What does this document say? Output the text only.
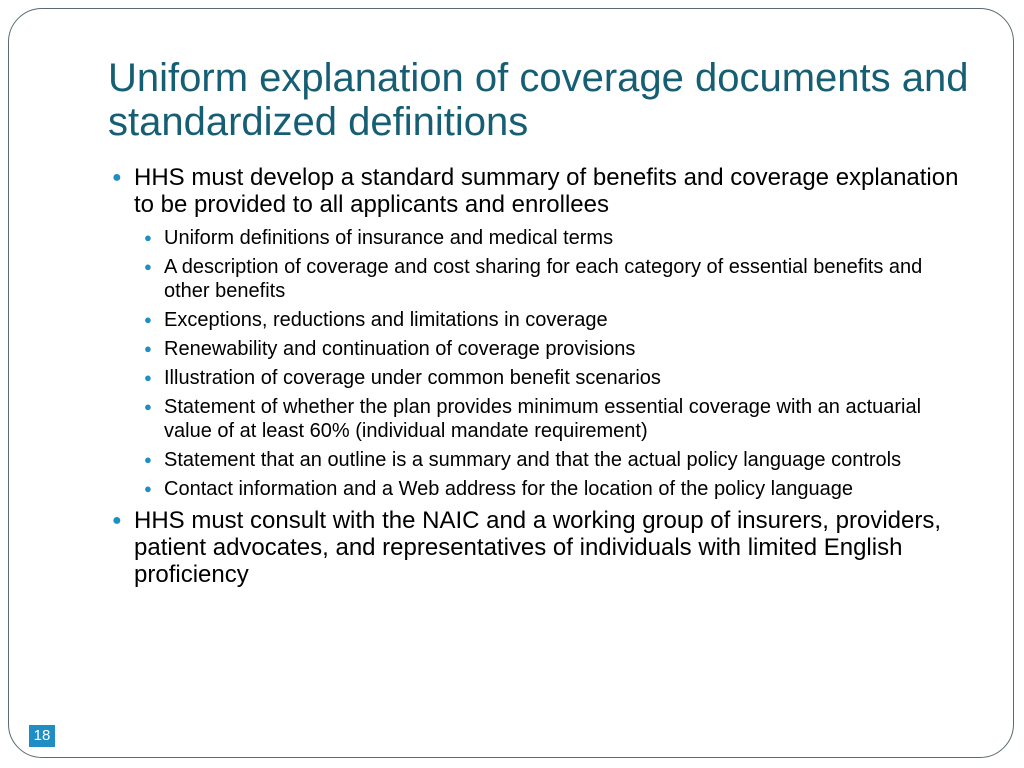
Uniform explanation of coverage documents and standardized definitions
● HHS must develop a standard summary of benefits and coverage explanation to be provided to all applicants and enrollees
● Uniform definitions of insurance and medical terms
● A description of coverage and cost sharing for each category of essential benefits and other benefits
● Exceptions, reductions and limitations in coverage
● Renewability and continuation of coverage provisions
● Illustration of coverage under common benefit scenarios
● Statement of whether the plan provides minimum essential coverage with an actuarial value of at least 60% (individual mandate requirement)
● Statement that an outline is a summary and that the actual policy language controls
● Contact information and a Web address for the location of the policy language
● HHS must consult with the NAIC and a working group of insurers, providers, patient advocates, and representatives of individuals with limited English proficiency
18
